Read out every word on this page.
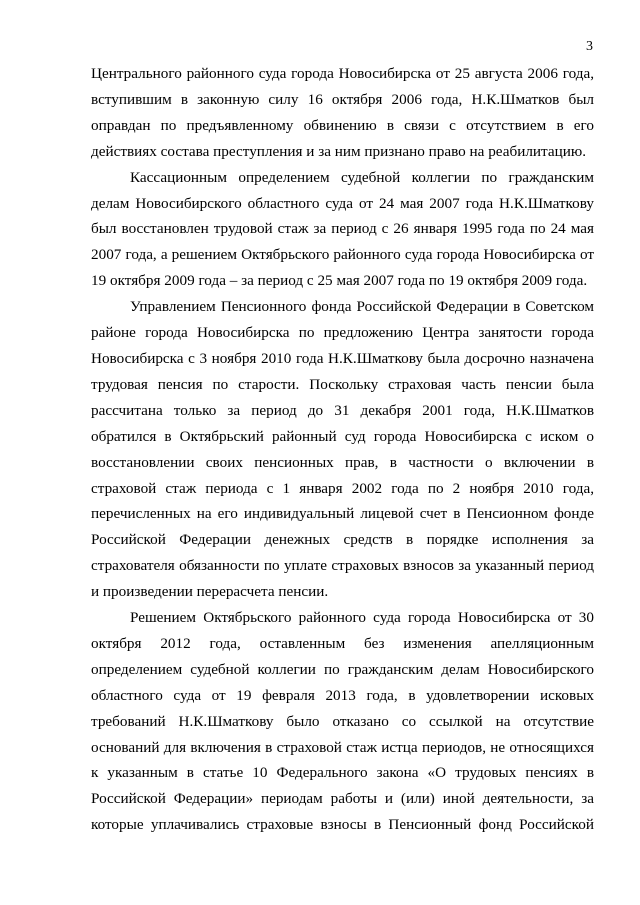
3

Центрального районного суда города Новосибирска от 25 августа 2006 года, вступившим в законную силу 16 октября 2006 года, Н.К.Шматков был оправдан по предъявленному обвинению в связи с отсутствием в его действиях состава преступления и за ним признано право на реабилитацию.

Кассационным определением судебной коллегии по гражданским делам Новосибирского областного суда от 24 мая 2007 года Н.К.Шматкову был восстановлен трудовой стаж за период с 26 января 1995 года по 24 мая 2007 года, а решением Октябрьского районного суда города Новосибирска от 19 октября 2009 года – за период с 25 мая 2007 года по 19 октября 2009 года.

Управлением Пенсионного фонда Российской Федерации в Советском районе города Новосибирска по предложению Центра занятости города Новосибирска с 3 ноября 2010 года Н.К.Шматкову была досрочно назначена трудовая пенсия по старости. Поскольку страховая часть пенсии была рассчитана только за период до 31 декабря 2001 года, Н.К.Шматков обратился в Октябрьский районный суд города Новосибирска с иском о восстановлении своих пенсионных прав, в частности о включении в страховой стаж периода с 1 января 2002 года по 2 ноября 2010 года, перечисленных на его индивидуальный лицевой счет в Пенсионном фонде Российской Федерации денежных средств в порядке исполнения за страхователя обязанности по уплате страховых взносов за указанный период и произведении перерасчета пенсии.

Решением Октябрьского районного суда города Новосибирска от 30 октября 2012 года, оставленным без изменения апелляционным определением судебной коллегии по гражданским делам Новосибирского областного суда от 19 февраля 2013 года, в удовлетворении исковых требований Н.К.Шматкову было отказано со ссылкой на отсутствие оснований для включения в страховой стаж истца периодов, не относящихся к указанным в статье 10 Федерального закона «О трудовых пенсиях в Российской Федерации» периодам работы и (или) иной деятельности, за которые уплачивались страховые взносы в Пенсионный фонд Российской
